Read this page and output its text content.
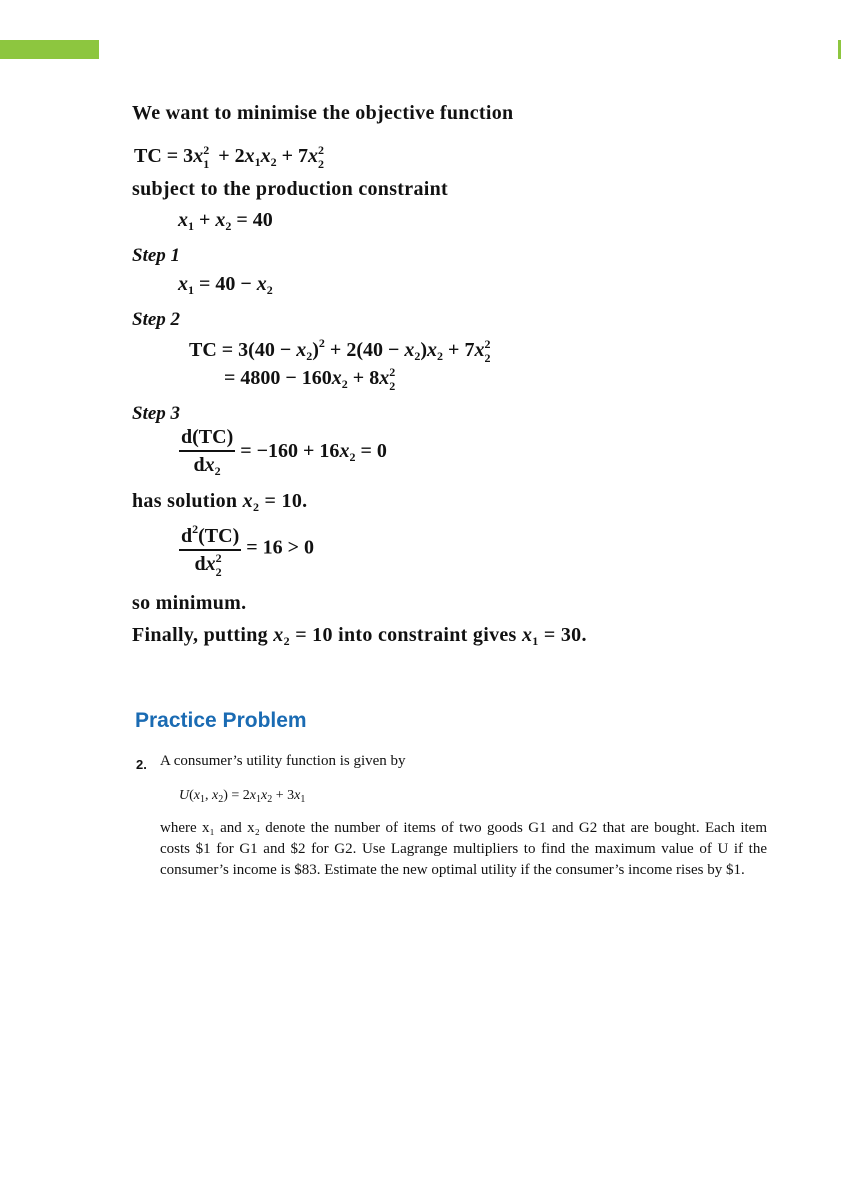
We want to minimise the objective function
TC = 3x 2
$1 + 2x_1x_2 + 7x$ 2
2
subject to the production constraint
$x_1 + x_2 = 40$
Step 1
$x_1 = 40 - x_2$
Step 2
TC = $3(40 - x_2)^2 + 2(40 - x_2)x_2 + 7x$ 2
2
= $4800 - 160x_2 + 8x$ 2
2
Step 3
$\frac{d(TC)}{dx_2} = -160 + 16x_2 = 0$
has solution $x_2 = 10$.
$d^2(TC)$
dx 2
2 = 16 > 0
so minimum.
Finally, putting $x_2 = 10$ into constraint gives $x_1 = 30$.
Practice Problem
2. A consumer’s utility function is given by
$U(x_1$, $x_2) = 2x_1x_2 + 3x_1$
where x₁ and x₂ denote the number of items of two goods G1 and G2 that are bought. Each item costs $1 for G1 and $2 for G2. Use Lagrange multipliers to find the maximum value of U if the consumer’s income is $83. Estimate the new optimal utility if the consumer’s income rises by $1.
